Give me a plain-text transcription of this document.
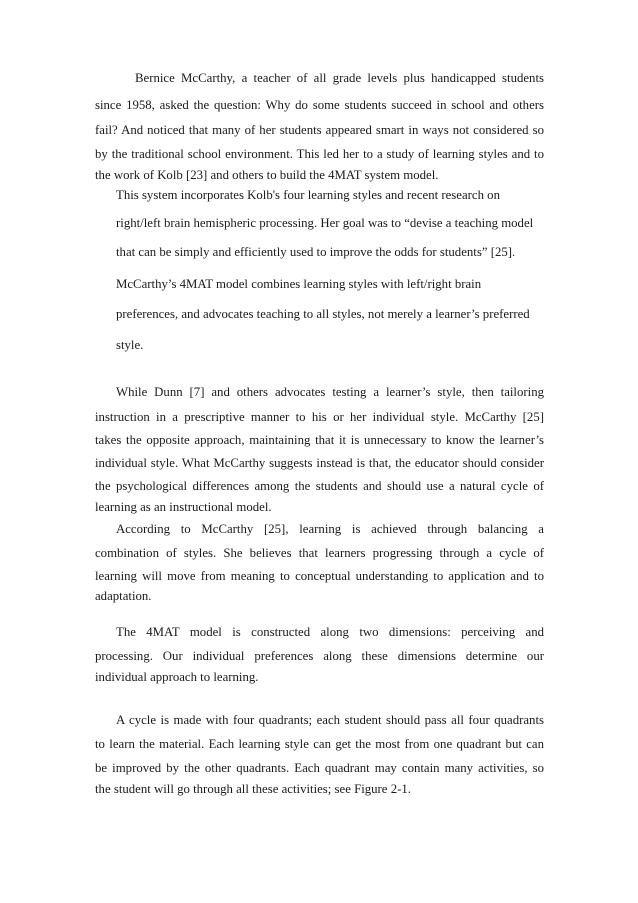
Bernice McCarthy, a teacher of all grade levels plus handicapped students
since 1958, asked the question: Why do some students succeed in school and others
fail? And noticed that many of her students appeared smart in ways not considered so
by the traditional school environment. This led her to a study of learning styles and to
the work of Kolb [23] and others to build the 4MAT system model.
This system incorporates Kolb's four learning styles and recent research on
right/left brain hemispheric processing. Her goal was to “devise a teaching model
that can be simply and efficiently used to improve the odds for students” [25].
McCarthy’s 4MAT model combines learning styles with left/right brain
preferences, and advocates teaching to all styles, not merely a learner’s preferred
style.
While Dunn [7] and others advocates testing a learner’s style, then tailoring
instruction in a prescriptive manner to his or her individual style. McCarthy [25]
takes the opposite approach, maintaining that it is unnecessary to know the learner’s
individual style. What McCarthy suggests instead is that, the educator should consider
the psychological differences among the students and should use a natural cycle of
learning as an instructional model.
According to McCarthy [25], learning is achieved through balancing a
combination of styles. She believes that learners progressing through a cycle of
learning will move from meaning to conceptual understanding to application and to
adaptation.
The 4MAT model is constructed along two dimensions: perceiving and
processing. Our individual preferences along these dimensions determine our
individual approach to learning.
A cycle is made with four quadrants; each student should pass all four quadrants
to learn the material. Each learning style can get the most from one quadrant but can
be improved by the other quadrants. Each quadrant may contain many activities, so
the student will go through all these activities; see Figure 2-1.
